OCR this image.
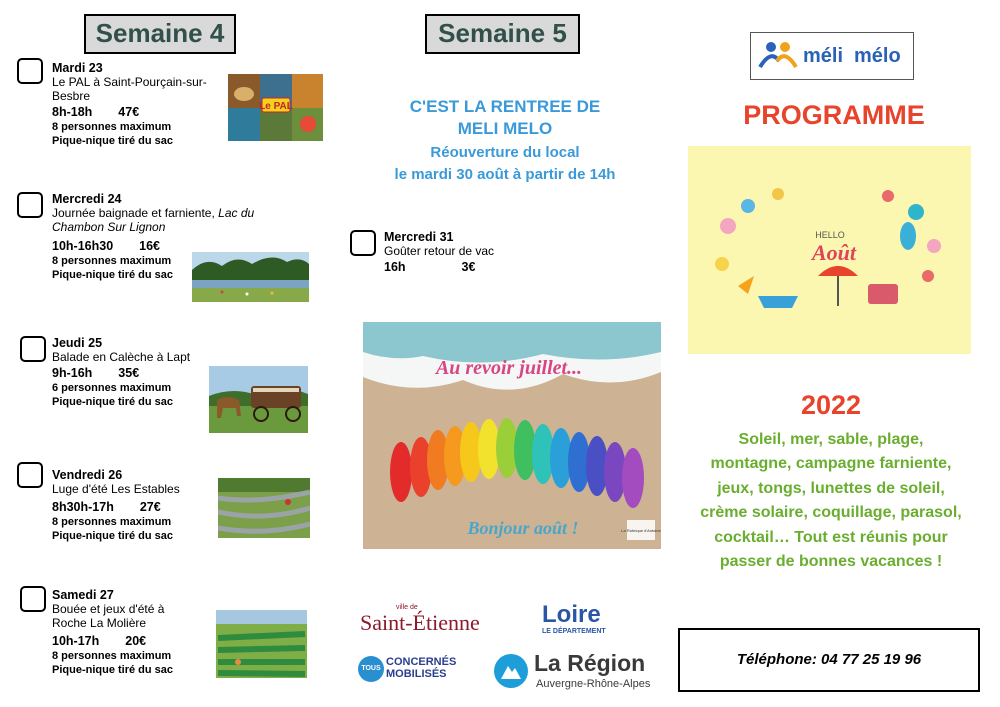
Semaine 4
Mardi 23
Le PAL à Saint-Pourçain-sur-Besbre
8h-18h 47€
8 personnes maximum
Pique-nique tiré du sac
Le PAL
Mercredi 24
Journée baignade et farniente, Lac du Chambon Sur Lignon
10h-16h30 16€
8 personnes maximum
Pique-nique tiré du sac
Jeudi 25
Balade en Calèche à Lapt
9h-16h 35€
6 personnes maximum
Pique-nique tiré du sac
Vendredi 26
Luge d'été Les Estables
8h30h-17h 27€
8 personnes maximum
Pique-nique tiré du sac
Samedi 27
Bouée et jeux d'été à Roche La Molière
10h-17h 20€
8 personnes maximum
Pique-nique tiré du sac
Semaine 5
C'EST LA RENTREE DE
MELI MELO
Réouverture du local
le mardi 30 août à partir de 14h
Mercredi 31
Goûter retour de vac
16h	3€
Au revoir juillet...
Bonjour août !	La Rubrique d'Antoine
ville de
Saint-Étienne	Loire
LE DÉPARTEMENT
TOUS
CONCERNÉS
MOBILISÉS	La Région
Auvergne-Rhône-Alpes
méli mélo
PROGRAMME
HELLO
Août
2022
Soleil, mer, sable, plage, montagne, campagne farniente, jeux, tongs, lunettes de soleil, crème solaire, coquillage, parasol, cocktail… Tout est réunis pour passer de bonnes vacances !
Téléphone: 04 77 25 19 96
